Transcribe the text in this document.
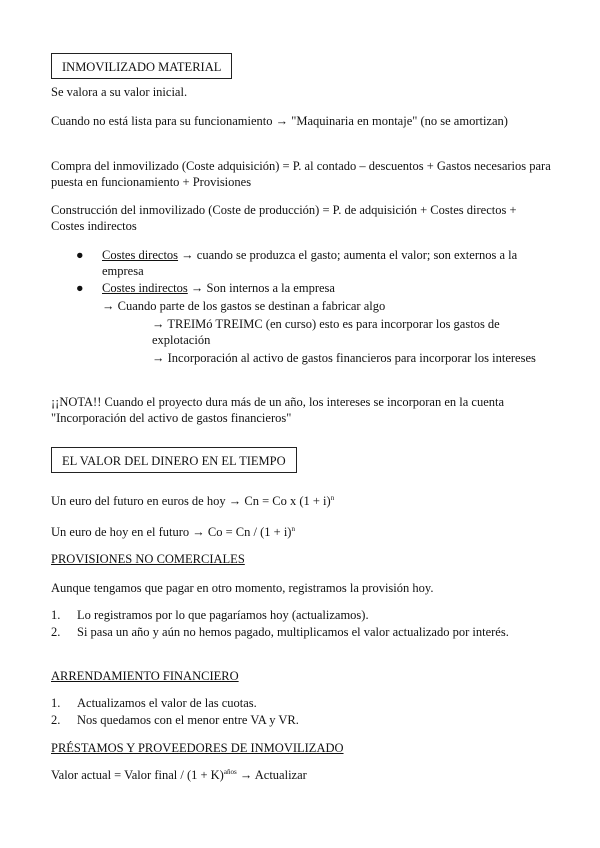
INMOVILIZADO MATERIAL

Se valora a su valor inicial.

Cuando no está lista para su funcionamiento → "Maquinaria en montaje" (no se amortizan)

Compra del inmovilizado (Coste adquisición) = P. al contado – descuentos + Gastos necesarios para puesta en funcionamiento + Provisiones

Construcción del inmovilizado (Coste de producción) = P. de adquisición + Costes directos + Costes indirectos

● Costes directos → cuando se produzca el gasto; aumenta el valor; son externos a la empresa
● Costes indirectos → Son internos a la empresa
→ Cuando parte de los gastos se destinan a fabricar algo
→ TREIMó TREIMC (en curso) esto es para incorporar los gastos de explotación
→ Incorporación al activo de gastos financieros para incorporar los intereses

¡¡NOTA!! Cuando el proyecto dura más de un año, los intereses se incorporan en la cuenta "Incorporación del activo de gastos financieros"

EL VALOR DEL DINERO EN EL TIEMPO

Un euro del futuro en euros de hoy → Cn = Co x $(1 + i)^n$

Un euro de hoy en el futuro → $Co = Cn / (1 + i)^n$

PROVISIONES NO COMERCIALES

Aunque tengamos que pagar en otro momento, registramos la provisión hoy.

1. Lo registramos por lo que pagaríamos hoy (actualizamos).
2. Si pasa un año y aún no hemos pagado, multiplicamos el valor actualizado por interés.
ARRENDAMIENTO FINANCIERO
1. Actualizamos el valor de las cuotas.
2. Nos quedamos con el menor entre VA y VR.
PRÉSTAMOS Y PROVEEDORES DE INMOVILIZADO

Valor actual = Valor final / $(1 + K)^{años}$ → Actualizar
